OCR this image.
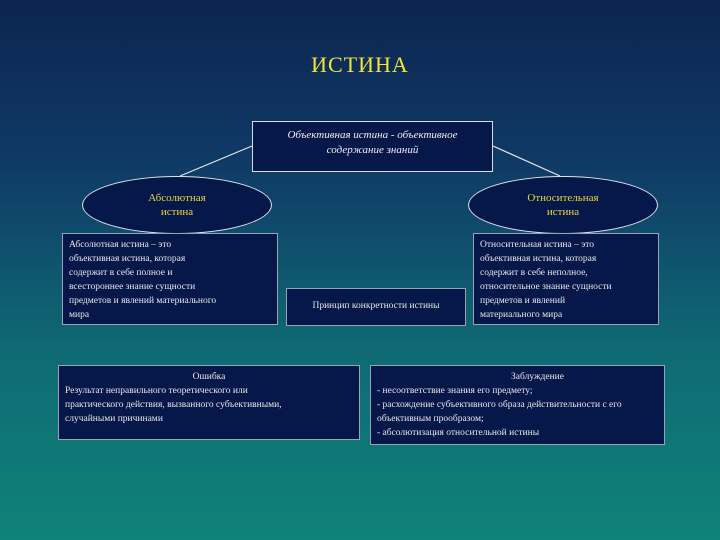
ИСТИНА
Объективная истина - объективное
содержание знаний
Абсолютная
истина
Относительная
истина
Абсолютная истина – это
объективная истина, которая
содержит в себе полное и
всестороннее знание сущности
предметов и явлений материального
мира
Принцип конкретности истины
Относительная истина – это
объективная истина, которая
содержит в себе неполное,
относительное знание сущности
предметов и явлений
материального мира
Ошибка
Результат неправильного теоретического или
практического действия, вызванного субъективными,
случайными причинами
Заблуждение
- несоответствие знания его предмету;
- расхождение субъективного образа действительности с его
объективным прообразом;
- абсолютизация относительной истины
